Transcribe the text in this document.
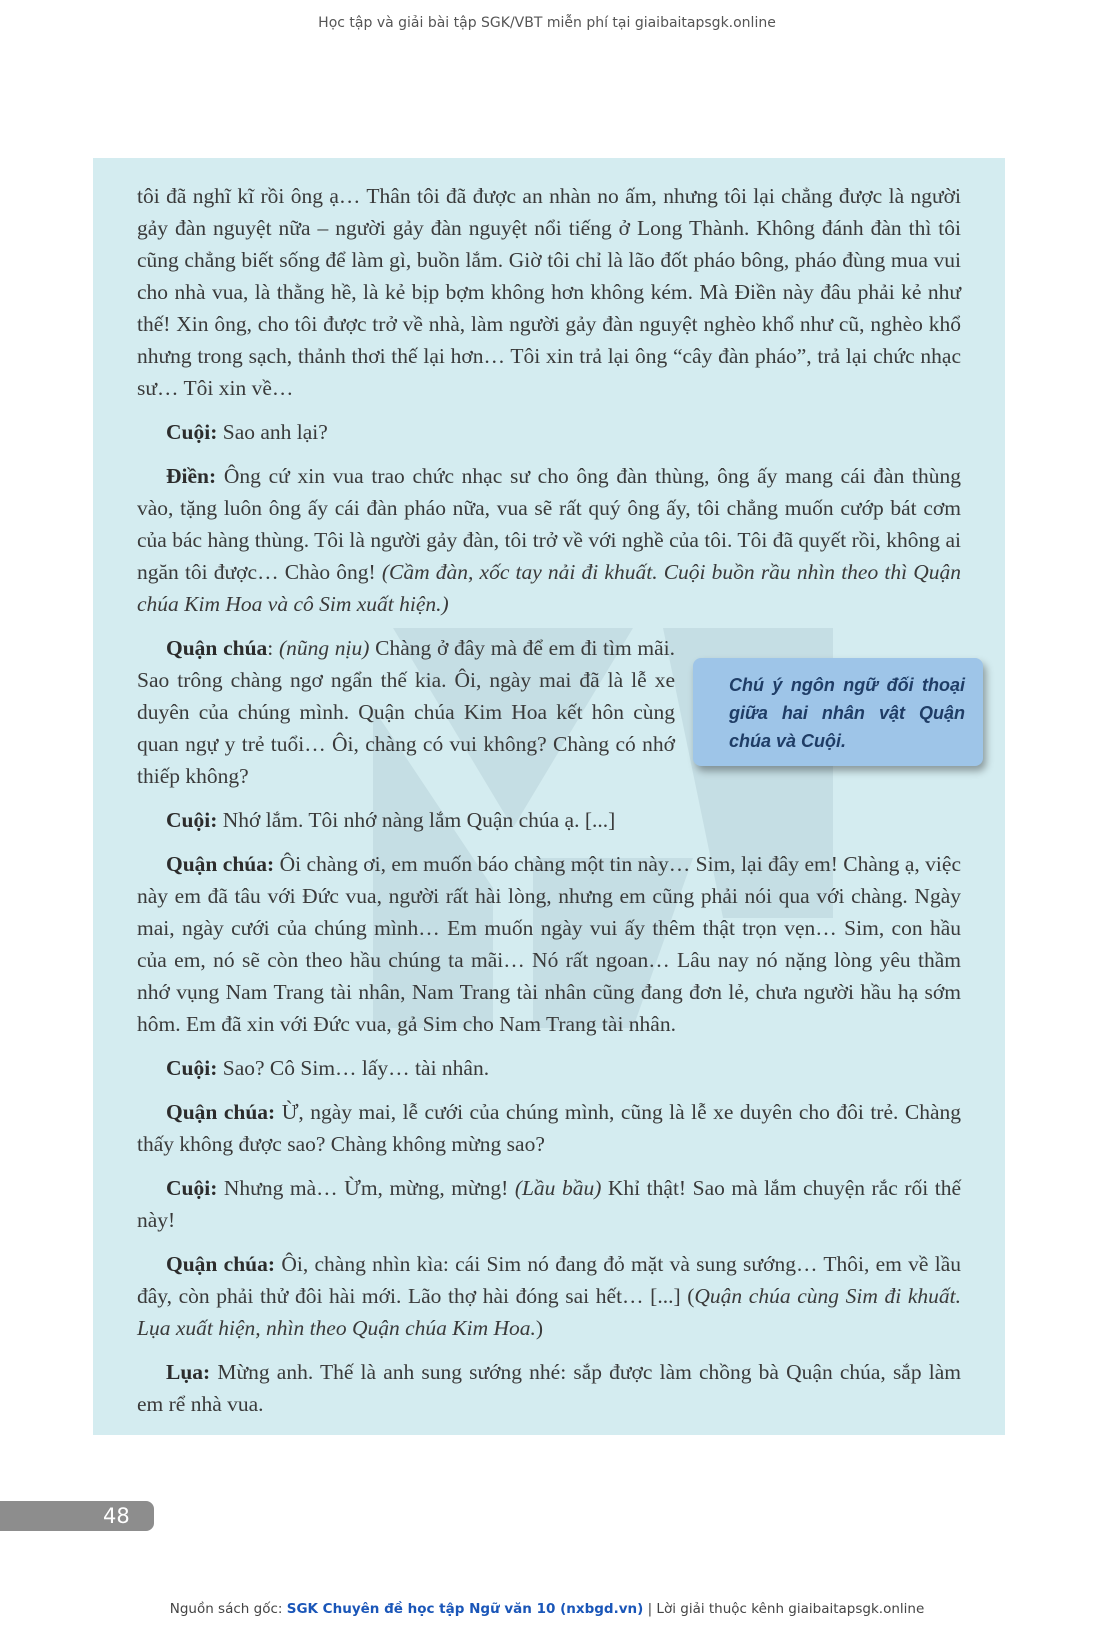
Học tập và giải bài tập SGK/VBT miễn phí tại giaibaitapsgk.online

tôi đã nghĩ kĩ rồi ông ạ… Thân tôi đã được an nhàn no ấm, nhưng tôi lại chẳng được là người gảy đàn nguyệt nữa – người gảy đàn nguyệt nổi tiếng ở Long Thành. Không đánh đàn thì tôi cũng chẳng biết sống để làm gì, buồn lắm. Giờ tôi chỉ là lão đốt pháo bông, pháo đùng mua vui cho nhà vua, là thằng hề, là kẻ bịp bợm không hơn không kém. Mà Điền này đâu phải kẻ như thế! Xin ông, cho tôi được trở về nhà, làm người gảy đàn nguyệt nghèo khổ như cũ, nghèo khổ nhưng trong sạch, thảnh thơi thế lại hơn… Tôi xin trả lại ông “cây đàn pháo”, trả lại chức nhạc sư… Tôi xin về…

Cuội: Sao anh lại?

Điền: Ông cứ xin vua trao chức nhạc sư cho ông đàn thùng, ông ấy mang cái đàn thùng vào, tặng luôn ông ấy cái đàn pháo nữa, vua sẽ rất quý ông ấy, tôi chẳng muốn cướp bát cơm của bác hàng thùng. Tôi là người gảy đàn, tôi trở về với nghề của tôi. Tôi đã quyết rồi, không ai ngăn tôi được… Chào ông! (Cầm đàn, xốc tay nải đi khuất. Cuội buồn rầu nhìn theo thì Quận chúa Kim Hoa và cô Sim xuất hiện.)

Quận chúa: (nũng nịu) Chàng ở đây mà để em đi tìm mãi. Sao trông chàng ngơ ngẩn thế kia. Ôi, ngày mai đã là lễ xe duyên của chúng mình. Quận chúa Kim Hoa kết hôn cùng quan ngự y trẻ tuổi… Ôi, chàng có vui không? Chàng có nhớ thiếp không?

Cuội: Nhớ lắm. Tôi nhớ nàng lắm Quận chúa ạ. [...]

Quận chúa: Ôi chàng ơi, em muốn báo chàng một tin này… Sim, lại đây em! Chàng ạ, việc này em đã tâu với Đức vua, người rất hài lòng, nhưng em cũng phải nói qua với chàng. Ngày mai, ngày cưới của chúng mình… Em muốn ngày vui ấy thêm thật trọn vẹn… Sim, con hầu của em, nó sẽ còn theo hầu chúng ta mãi… Nó rất ngoan… Lâu nay nó nặng lòng yêu thầm nhớ vụng Nam Trang tài nhân, Nam Trang tài nhân cũng đang đơn lẻ, chưa người hầu hạ sớm hôm. Em đã xin với Đức vua, gả Sim cho Nam Trang tài nhân.

Cuội: Sao? Cô Sim… lấy… tài nhân.

Quận chúa: Ừ, ngày mai, lễ cưới của chúng mình, cũng là lễ xe duyên cho đôi trẻ. Chàng thấy không được sao? Chàng không mừng sao?

Cuội: Nhưng mà… Ừm, mừng, mừng! (Lầu bầu) Khỉ thật! Sao mà lắm chuyện rắc rối thế này!

Quận chúa: Ôi, chàng nhìn kìa: cái Sim nó đang đỏ mặt và sung sướng… Thôi, em về lầu đây, còn phải thử đôi hài mới. Lão thợ hài đóng sai hết… [...] (Quận chúa cùng Sim đi khuất. Lụa xuất hiện, nhìn theo Quận chúa Kim Hoa.)

Lụa: Mừng anh. Thế là anh sung sướng nhé: sắp được làm chồng bà Quận chúa, sắp làm em rể nhà vua.

Chú ý ngôn ngữ đối thoại giữa hai nhân vật Quận chúa và Cuội.
48
Nguồn sách gốc: SGK Chuyên đề học tập Ngữ văn 10 (nxbgd.vn) | Lời giải thuộc kênh giaibaitapsgk.online
